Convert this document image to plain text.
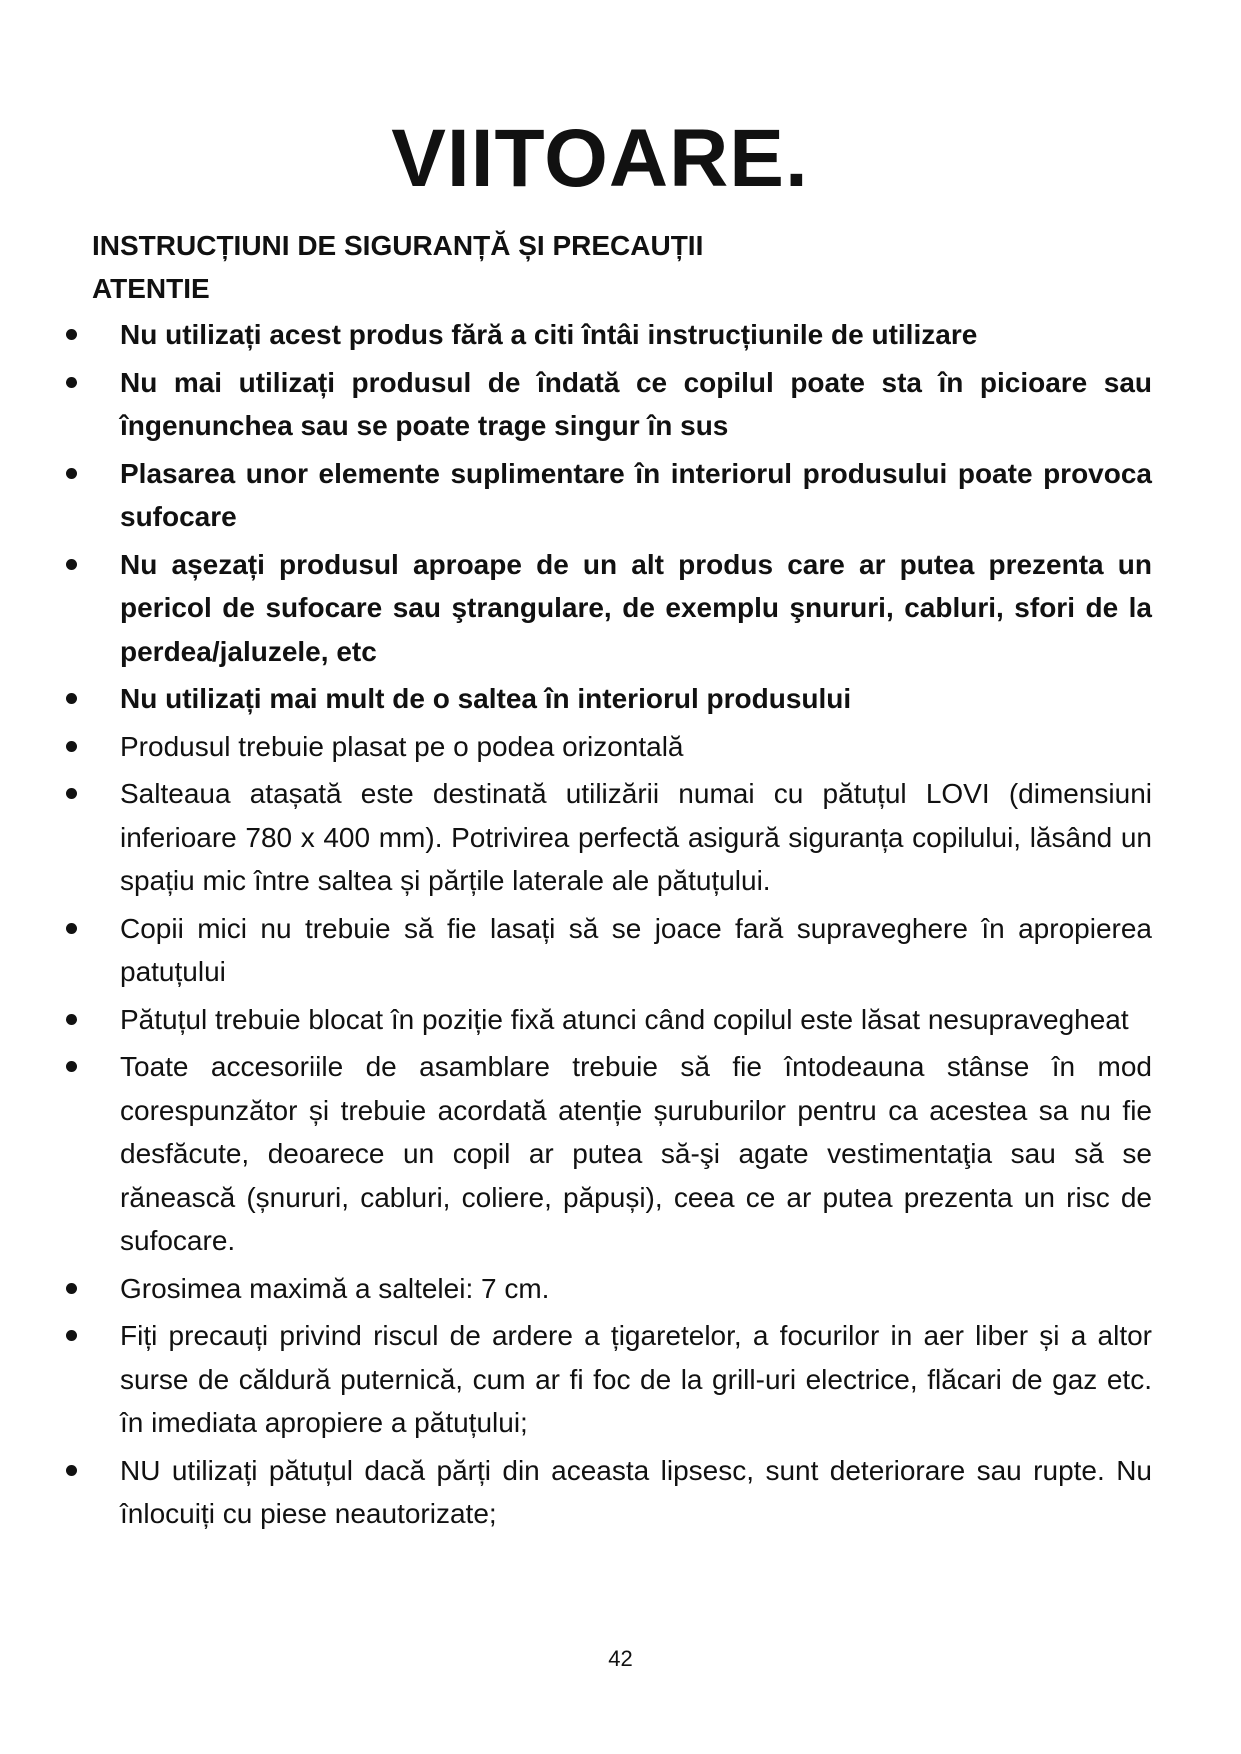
VIITOARE.
INSTRUCȚIUNI DE SIGURANȚĂ ȘI PRECAUȚII
ATENTIE
Nu utilizați acest produs fără a citi întâi instrucțiunile de utilizare
Nu mai utilizați produsul de îndată ce copilul poate sta în picioare sau îngenunchea sau se poate trage singur în sus
Plasarea unor elemente suplimentare în interiorul produsului poate provoca sufocare
Nu așezați produsul aproape de un alt produs care ar putea prezenta un pericol de sufocare sau ştrangulare, de exemplu şnururi, cabluri, sfori de la perdea/jaluzele, etc
Nu utilizați mai mult de o saltea în interiorul produsului
Produsul trebuie plasat pe o podea orizontală
Salteaua atașată este destinată utilizării numai cu pătuțul LOVI (dimensiuni inferioare 780 x 400 mm). Potrivirea perfectă asigură siguranța copilului, lăsând un spațiu mic între saltea și părțile laterale ale pătuțului.
Copii mici nu trebuie să fie lasați să se joace fară supraveghere în apropierea patuțului
Pătuțul trebuie blocat în poziție fixă atunci când copilul este lăsat nesupravegheat
Toate accesoriile de asamblare trebuie să fie întodeauna stânse în mod corespunzător și trebuie acordată atenție șuruburilor pentru ca acestea sa nu fie desfăcute, deoarece un copil ar putea să-şi agate vestimentaţia sau să se rănească (șnururi, cabluri, coliere, păpuși), ceea ce ar putea prezenta un risc de sufocare.
Grosimea maximă a saltelei: 7 cm.
Fiți precauți privind riscul de ardere a țigaretelor, a focurilor in aer liber și a altor surse de căldură puternică, cum ar fi foc de la grill-uri electrice, flăcari de gaz etc. în imediata apropiere a pătuțului;
NU utilizați pătuțul dacă părți din aceasta lipsesc, sunt deteriorare sau rupte. Nu înlocuiți cu piese neautorizate;
42
